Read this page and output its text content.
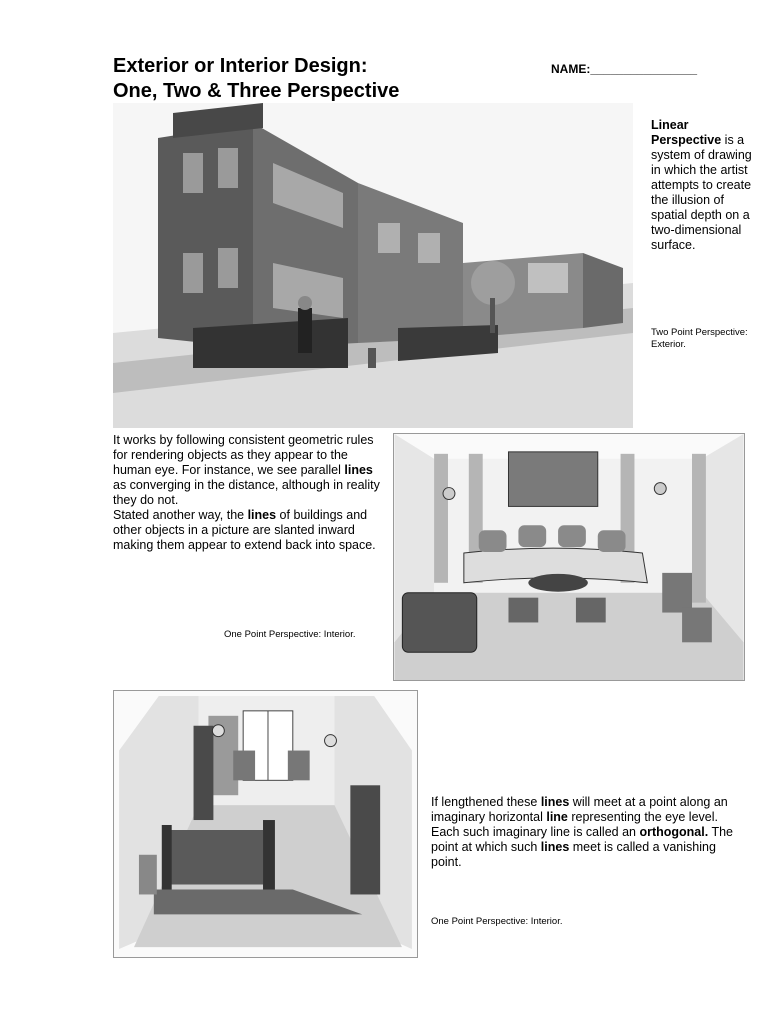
Exterior or Interior Design:
One, Two & Three Perspective
NAME:________________
Linear
Perspective is a system of drawing in which the artist attempts to create the illusion of spatial depth on a two-dimensional surface.
Two Point Perspective: Exterior.
It works by following consistent geometric rules for rendering objects as they appear to the human eye. For instance, we see parallel lines as converging in the distance, although in reality they do not.
Stated another way, the lines of buildings and other objects in a picture are slanted inward making them appear to extend back into space.
One Point Perspective: Interior.
If lengthened these lines will meet at a point along an imaginary horizontal line representing the eye level. Each such imaginary line is called an orthogonal. The point at which such lines meet is called a vanishing point.
One Point Perspective: Interior.
